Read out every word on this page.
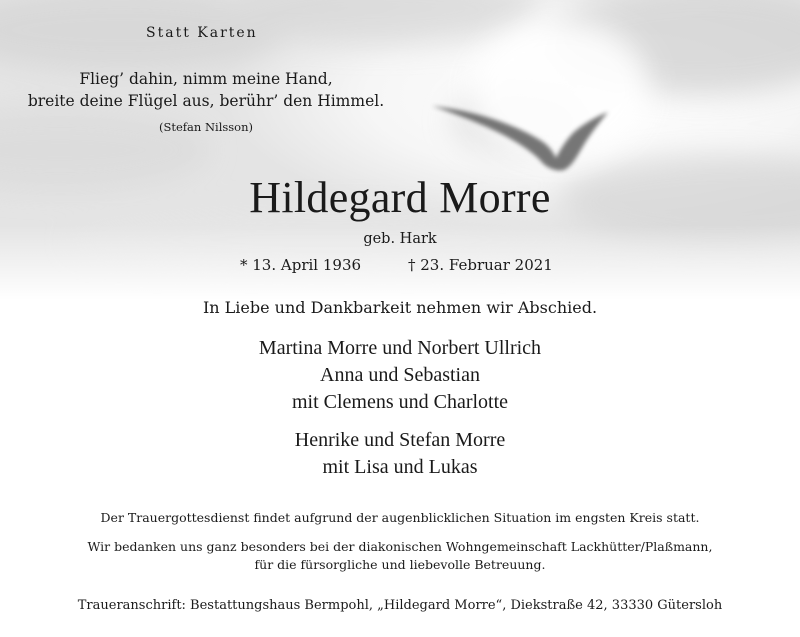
Statt Karten
Flieg’ dahin, nimm meine Hand,
breite deine Flügel aus, berühr’ den Himmel.
(Stefan Nilsson)
Hildegard Morre
geb. Hark
* 13. April 1936	† 23. Februar 2021
In Liebe und Dankbarkeit nehmen wir Abschied.
Martina Morre und Norbert Ullrich
Anna und Sebastian
mit Clemens und Charlotte
Henrike und Stefan Morre
mit Lisa und Lukas
Der Trauergottesdienst findet aufgrund der augenblicklichen Situation im engsten Kreis statt.
Wir bedanken uns ganz besonders bei der diakonischen Wohngemeinschaft Lackhütter/Plaßmann,
für die fürsorgliche und liebevolle Betreuung.
Traueranschrift: Bestattungshaus Bermpohl, „Hildegard Morre“, Diekstraße 42, 33330 Gütersloh
